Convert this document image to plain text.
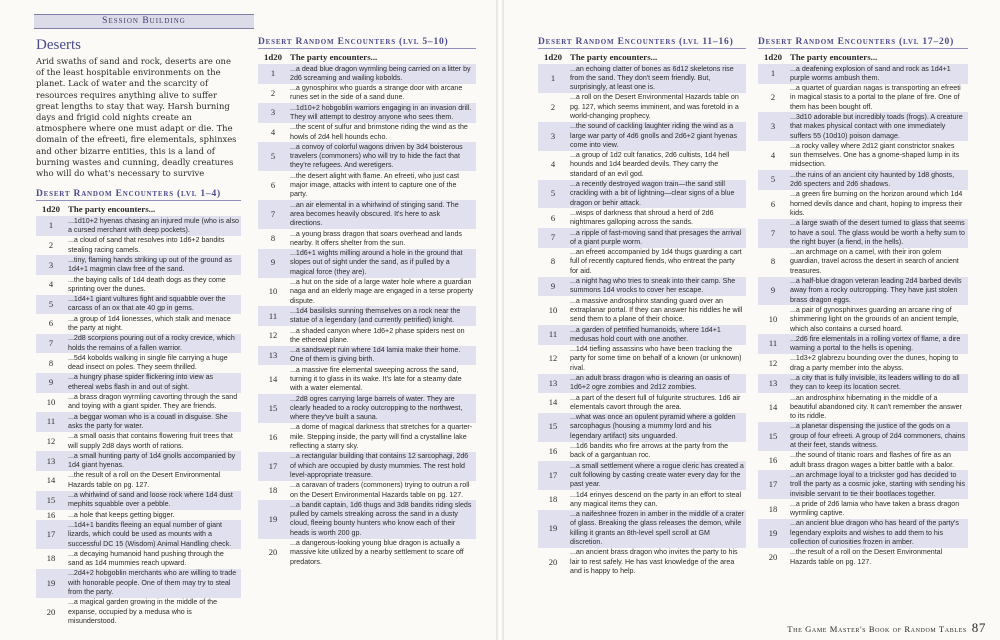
Session Building
Deserts
Arid swaths of sand and rock, deserts are one of the least hospitable environments on the planet. Lack of water and the scarcity of resources requires anything alive to suffer great lengths to stay that way. Harsh burning days and frigid cold nights create an atmosphere where one must adapt or die. The domain of the efreeti, fire elementals, sphinxes and other bizarre entities, this is a land of burning wastes and cunning, deadly creatures who will do what's necessary to survive
Desert Random Encounters (lvl 1–4)
1d20	The party encounters...
1	...1d10+2 hyenas chasing an injured mule (who is also a cursed merchant with deep pockets).
2	...a cloud of sand that resolves into 1d6+2 bandits stealing racing camels.
3	...tiny, flaming hands striking up out of the ground as 1d4+1 magmin claw free of the sand.
4	...the baying calls of 1d4 death dogs as they come sprinting over the dunes.
5	...1d4+1 giant vultures fight and squabble over the carcass of an ox that ate 40 gp in gems.
6	...a group of 1d4 lionesses, which stalk and menace the party at night.
7	...2d8 scorpions pouring out of a rocky crevice, which holds the remains of a fallen warrior.
8	...5d4 kobolds walking in single file carrying a huge dead insect on poles. They seem thrilled.
9	...a hungry phase spider flickering into view as ethereal webs flash in and out of sight.
10	...a brass dragon wyrmling cavorting through the sand and toying with a giant spider. They are friends.
11	...a beggar woman who is a couatl in disguise. She asks the party for water.
12	...a small oasis that contains flowering fruit trees that will supply 2d8 days worth of rations.
13	...a small hunting party of 1d4 gnolls accompanied by 1d4 giant hyenas.
14	...the result of a roll on the Desert Environmental Hazards table on pg. 127.
15	...a whirlwind of sand and loose rock where 1d4 dust mephits squabble over a pebble.
16	...a hole that keeps getting bigger.
17	...1d4+1 bandits fleeing an equal number of giant lizards, which could be used as mounts with a successful DC 15 (Wisdom) Animal Handling check.
18	...a decaying humanoid hand pushing through the sand as 1d4 mummies reach upward.
19	...2d4+2 hobgoblin merchants who are willing to trade with honorable people. One of them may try to steal from the party.
20	...a magical garden growing in the middle of the expanse, occupied by a medusa who is misunderstood.
Desert Random Encounters (lvl 5–10)
1d20	The party encounters...
1	...a dead blue dragon wyrmling being carried on a litter by 2d6 screaming and wailing kobolds.
2	...a gynosphinx who guards a strange door with arcane runes set in the side of a sand dune.
3	...1d10+2 hobgoblin warriors engaging in an invasion drill. They will attempt to destroy anyone who sees them.
4	...the scent of sulfur and brimstone riding the wind as the howls of 2d4 hell hounds echo.
5	...a convoy of colorful wagons driven by 3d4 boisterous travelers (commoners) who will try to hide the fact that they're refugees. And weretigers.
6	...the desert alight with flame. An efreeti, who just cast major image, attacks with intent to capture one of the party.
7	...an air elemental in a whirlwind of stinging sand. The area becomes heavily obscured. It's here to ask directions.
8	...a young brass dragon that soars overhead and lands nearby. It offers shelter from the sun.
9	...1d6+1 wights milling around a hole in the ground that slopes out of sight under the sand, as if pulled by a magical force (they are).
10	...a hut on the side of a large water hole where a guardian naga and an elderly mage are engaged in a terse property dispute.
11	...1d4 basilisks sunning themselves on a rock near the statue of a legendary (and currently petrified) knight.
12	...a shaded canyon where 1d6+2 phase spiders nest on the ethereal plane.
13	...a sandswept ruin where 1d4 lamia make their home. One of them is giving birth.
14	...a massive fire elemental sweeping across the sand, turning it to glass in its wake. It's late for a steamy date with a water elemental.
15	...2d8 ogres carrying large barrels of water. They are clearly headed to a rocky outcropping to the northwest, where they've built a sauna.
16	...a dome of magical darkness that stretches for a quarter-mile. Stepping inside, the party will find a crystalline lake reflecting a starry sky.
17	...a rectangular building that contains 12 sarcophagi, 2d6 of which are occupied by dusty mummies. The rest hold level-appropriate treasure.
18	...a caravan of traders (commoners) trying to outrun a roll on the Desert Environmental Hazards table on pg. 127.
19	...a bandit captain, 1d6 thugs and 3d8 bandits riding sleds pulled by camels streaking across the sand in a dusty cloud, fleeing bounty hunters who know each of their heads is worth 200 gp.
20	...a dangerous-looking young blue dragon is actually a massive kite utilized by a nearby settlement to scare off predators.
Desert Random Encounters (lvl 11–16)
1d20	The party encounters...
1	...an echoing clatter of bones as 6d12 skeletons rise from the sand. They don't seem friendly. But, surprisingly, at least one is.
2	...a roll on the Desert Environmental Hazards table on pg. 127, which seems imminent, and was foretold in a world-changing prophecy.
3	...the sound of cackling laughter riding the wind as a large war party of 4d6 gnolls and 2d6+2 giant hyenas come into view.
4	...a group of 1d2 cult fanatics, 2d6 cultists, 1d4 hell hounds and 1d4 bearded devils. They carry the standard of an evil god.
5	...a recently destroyed wagon train—the sand still crackling with a bit of lightning—clear signs of a blue dragon or behir attack.
6	...wisps of darkness that shroud a herd of 2d6 nightmares galloping across the sands.
7	...a ripple of fast-moving sand that presages the arrival of a giant purple worm.
8	...an efreeti accompanied by 1d4 thugs guarding a cart full of recently captured fiends, who entreat the party for aid.
9	...a night hag who tries to sneak into their camp. She summons 1d4 vrocks to cover her escape.
10	...a massive androsphinx standing guard over an extraplanar portal. If they can answer his riddles he will send them to a plane of their choice.
11	...a garden of petrified humanoids, where 1d4+1 medusas hold court with one another.
12	...1d4 tiefling assassins who have been tracking the party for some time on behalf of a known (or unknown) rival.
13	...an adult brass dragon who is clearing an oasis of 1d6+2 ogre zombies and 2d12 zombies.
14	...a part of the desert full of fulgurite structures. 1d6 air elementals cavort through the area.
15	...what was once an opulent pyramid where a golden sarcophagus (housing a mummy lord and his legendary artifact) sits unguarded.
16	...1d6 bandits who fire arrows at the party from the back of a gargantuan roc.
17	...a small settlement where a rogue cleric has created a cult following by casting create water every day for the past year.
18	...1d4 erinyes descend on the party in an effort to steal any magical items they can.
19	...a naifeshnee frozen in amber in the middle of a crater of glass. Breaking the glass releases the demon, while killing it grants an 8th-level spell scroll at GM discretion.
20	...an ancient brass dragon who invites the party to his lair to rest safely. He has vast knowledge of the area and is happy to help.
Desert Random Encounters (lvl 17–20)
1d20	The party encounters...
1	...a deafening explosion of sand and rock as 1d4+1 purple worms ambush them.
2	...a quartet of guardian nagas is transporting an efreeti in magical stasis to a portal to the plane of fire. One of them has been bought off.
3	...3d10 adorable but incredibly toads (frogs). A creature that makes physical contact with one immediately suffers 55 (10d10) poison damage.
4	...a rocky valley where 2d12 giant constrictor snakes sun themselves. One has a gnome-shaped lump in its midsection.
5	...the ruins of an ancient city haunted by 1d8 ghosts, 2d6 specters and 2d6 shadows.
6	...a green fire burning on the horizon around which 1d4 horned devils dance and chant, hoping to impress their kids.
7	...a large swath of the desert turned to glass that seems to have a soul. The glass would be worth a hefty sum to the right buyer (a fiend, in the hells).
8	...an archmage on a camel, with their iron golem guardian, travel across the desert in search of ancient treasures.
9	...a half-blue dragon veteran leading 2d4 barbed devils away from a rocky outcropping. They have just stolen brass dragon eggs.
10	...a pair of gynosphinxes guarding an arcane ring of shimmering light on the grounds of an ancient temple, which also contains a cursed hoard.
11	...2d6 fire elementals in a rolling vortex of flame, a dire warning a portal to the hells is opening.
12	...1d3+2 glabrezu bounding over the dunes, hoping to drag a party member into the abyss.
13	...a city that is fully invisible, its leaders willing to do all they can to keep its location secret.
14	...an androsphinx hibernating in the middle of a beautiful abandoned city. It can't remember the answer to its riddle.
15	...a planetar dispensing the justice of the gods on a group of four efreeti. A group of 2d4 commoners, chains at their feet, stands witness.
16	...the sound of titanic roars and flashes of fire as an adult brass dragon wages a bitter battle with a balor.
17	...an archmage loyal to a trickster god has decided to troll the party as a cosmic joke, starting with sending his invisible servant to tie their bootlaces together.
18	...a pride of 2d6 lamia who have taken a brass dragon wyrmling captive.
19	...an ancient blue dragon who has heard of the party's legendary exploits and wishes to add them to his collection of curiosities frozen in amber.
20	...the result of a roll on the Desert Environmental Hazards table on pg. 127.
The Game Master's Book of Random Tables 87
